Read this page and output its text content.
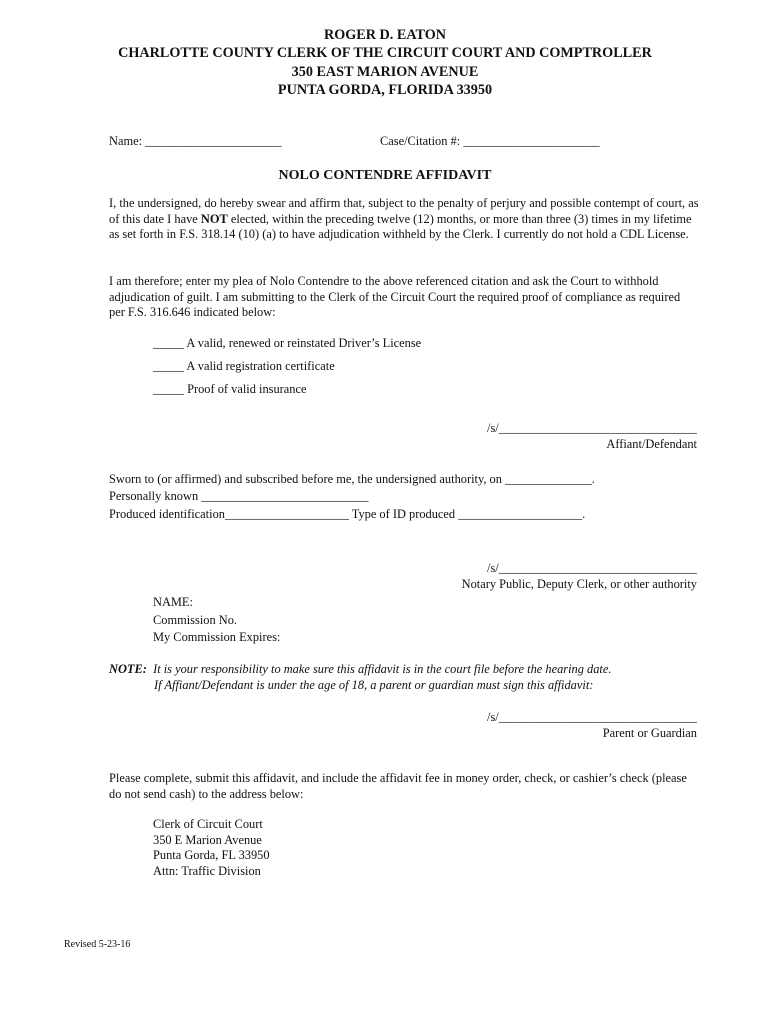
ROGER D. EATON
CHARLOTTE COUNTY CLERK OF THE CIRCUIT COURT AND COMPTROLLER
350 EAST MARION AVENUE
PUNTA GORDA, FLORIDA 33950
Name: ______________________	Case/Citation #: ______________________
NOLO CONTENDRE AFFIDAVIT

I, the undersigned, do hereby swear and affirm that, subject to the penalty of perjury and possible contempt of court, as of this date I have NOT elected, within the preceding twelve (12) months, or more than three (3) times in my lifetime as set forth in F.S. 318.14 (10) (a) to have adjudication withheld by the Clerk. I currently do not hold a CDL License.

I am therefore; enter my plea of Nolo Contendre to the above referenced citation and ask the Court to withhold adjudication of guilt. I am submitting to the Clerk of the Circuit Court the required proof of compliance as required per F.S. 316.646 indicated below:

_____ A valid, renewed or reinstated Driver’s License
_____ A valid registration certificate
_____ Proof of valid insurance
/s/________________________________
Affiant/Defendant
Sworn to (or affirmed) and subscribed before me, the undersigned authority, on ______________.
Personally known ___________________________
Produced identification____________________ Type of ID produced ____________________.
/s/________________________________
Notary Public, Deputy Clerk, or other authority
NAME:
Commission No.
My Commission Expires:
NOTE: It is your responsibility to make sure this affidavit is in the court file before the hearing date.
If Affiant/Defendant is under the age of 18, a parent or guardian must sign this affidavit:
/s/________________________________
Parent or Guardian

Please complete, submit this affidavit, and include the affidavit fee in money order, check, or cashier’s check (please do not send cash) to the address below:

Clerk of Circuit Court
350 E Marion Avenue
Punta Gorda, FL 33950
Attn: Traffic Division
Revised 5-23-16
